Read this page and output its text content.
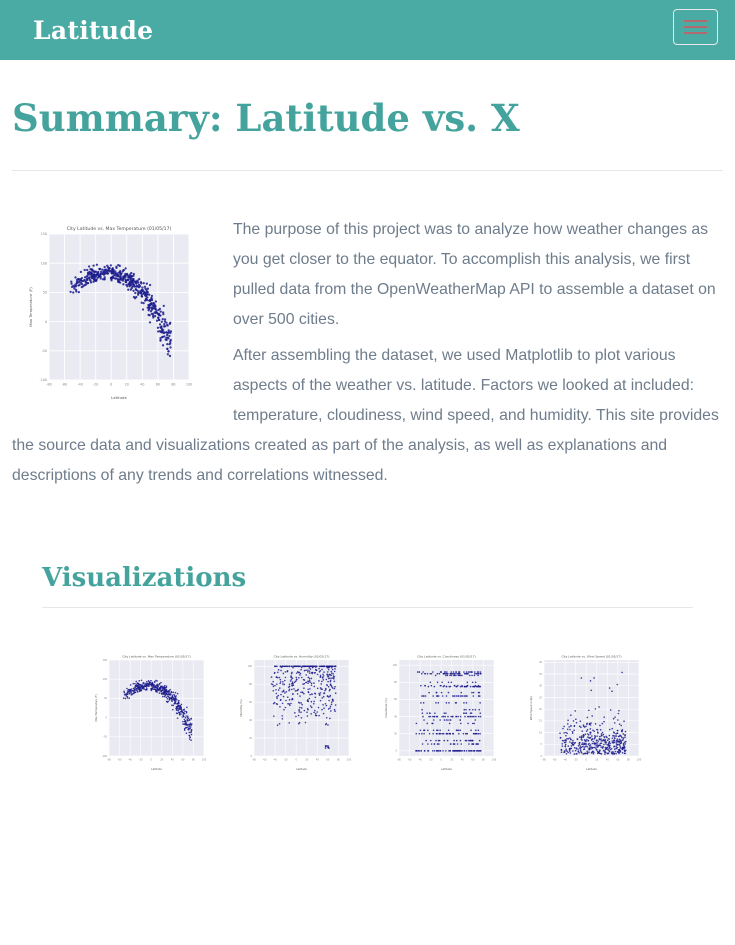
Latitude
Summary: Latitude vs. X
-80	-60	-40	-20	0	20	40	60	80	100
-100
-50
0
50
100
150
City Latitude vs. Max Temperature (01/05/17)
Latitude
Max Temperature (F)

The purpose of this project was to analyze how weather changes as you get closer to the equator. To accomplish this analysis, we first pulled data from the OpenWeatherMap API to assemble a dataset on over 500 cities.

After assembling the dataset, we used Matplotlib to plot various aspects of the weather vs. latitude. Factors we looked at included: temperature, cloudiness, wind speed, and humidity. This site provides the source data and visualizations created as part of the analysis, as well as explanations and descriptions of any trends and correlations witnessed.

Visualizations
-80	-60	-40	-20	0	20	40	60	80	100
-100
-50
0
50
100
150
City Latitude vs. Max Temperature (01/05/17)
Latitude
Max Temperature (F)
-80	-60	-40	-20	0	20	40	60	80	100
0
20
40
60
80
100
City Latitude vs. Humidity (01/05/17)
Latitude
Humidity (%)
-80	-60	-40	-20	0	20	40	60	80	100
0
20
40
60
80
100
City Latitude vs. Cloudiness (01/05/17)
Latitude
Cloudiness (%)
-80	-60	-40	-20	0	20	40	60	80	100
0
5
10
15
20
25
30
35
40
City Latitude vs. Wind Speed (01/05/17)
Latitude
Wind Speed (mph)
